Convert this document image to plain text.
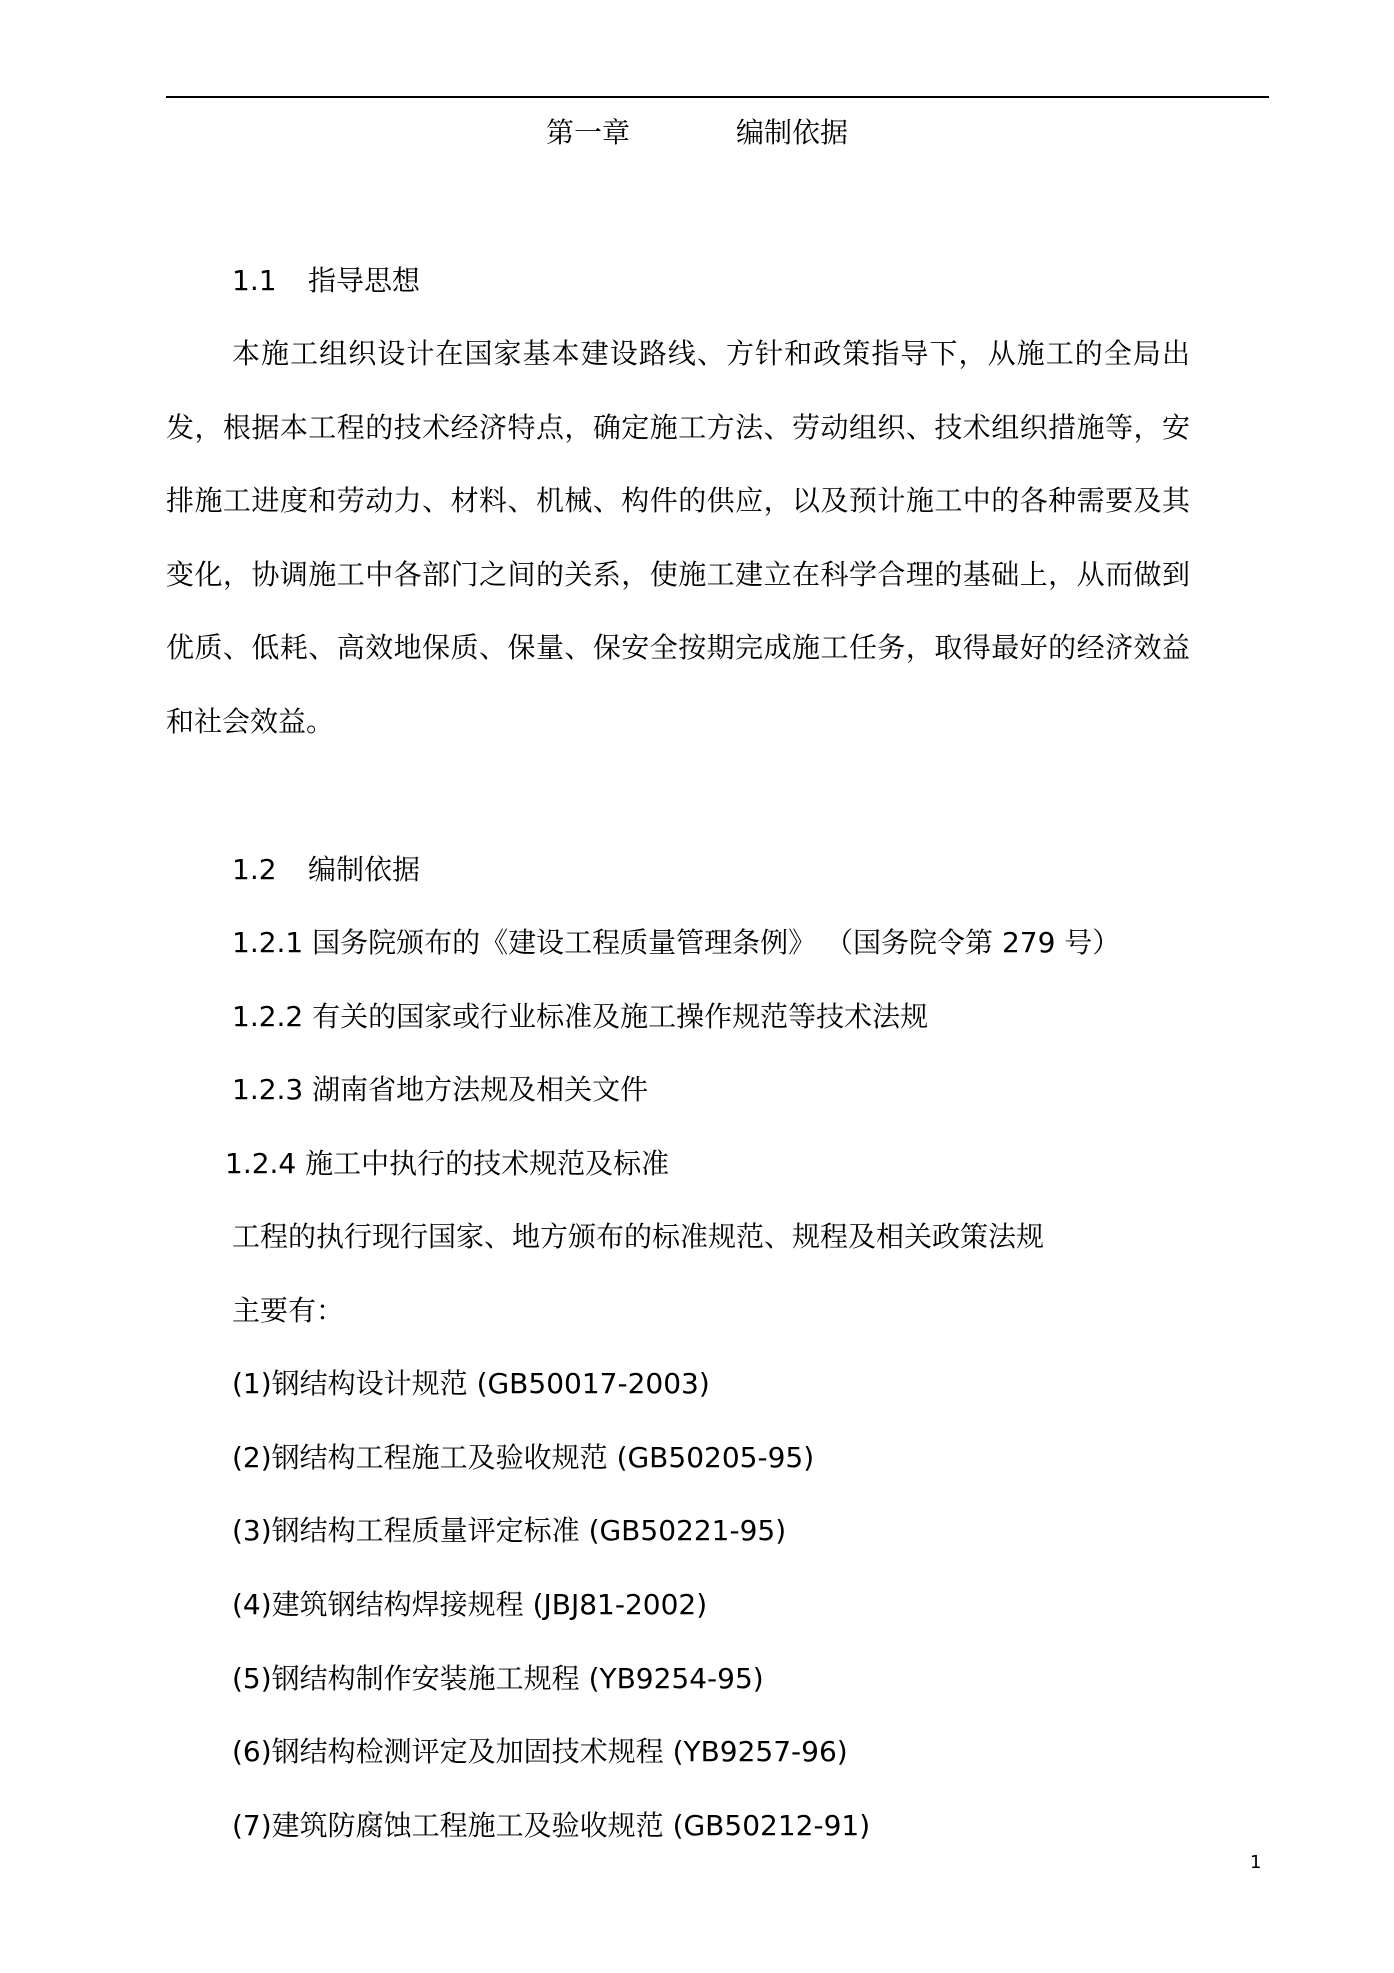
第一章	编制依据
1.1 指导思想

本施工组织设计在国家基本建设路线、方针和政策指导下，从施工的全局出发，根据本工程的技术经济特点，确定施工方法、劳动组织、技术组织措施等，安排施工进度和劳动力、材料、机械、构件的供应，以及预计施工中的各种需要及其变化，协调施工中各部门之间的关系，使施工建立在科学合理的基础上，从而做到优质、低耗、高效地保质、保量、保安全按期完成施工任务，取得最好的经济效益和社会效益。

1.2 编制依据
1.2.1 国务院颁布的《建设工程质量管理条例》 （国务院令第 279 号）
1.2.2 有关的国家或行业标准及施工操作规范等技术法规
1.2.3 湖南省地方法规及相关文件
1.2.4 施工中执行的技术规范及标准
工程的执行现行国家、地方颁布的标准规范、规程及相关政策法规
主要有：
(1)钢结构设计规范 (GB50017-2003)
(2)钢结构工程施工及验收规范 (GB50205-95)
(3)钢结构工程质量评定标准 (GB50221-95)
(4)建筑钢结构焊接规程 (JBJ81-2002)
(5)钢结构制作安装施工规程 (YB9254-95)
(6)钢结构检测评定及加固技术规程 (YB9257-96)
(7)建筑防腐蚀工程施工及验收规范 (GB50212-91)
1
